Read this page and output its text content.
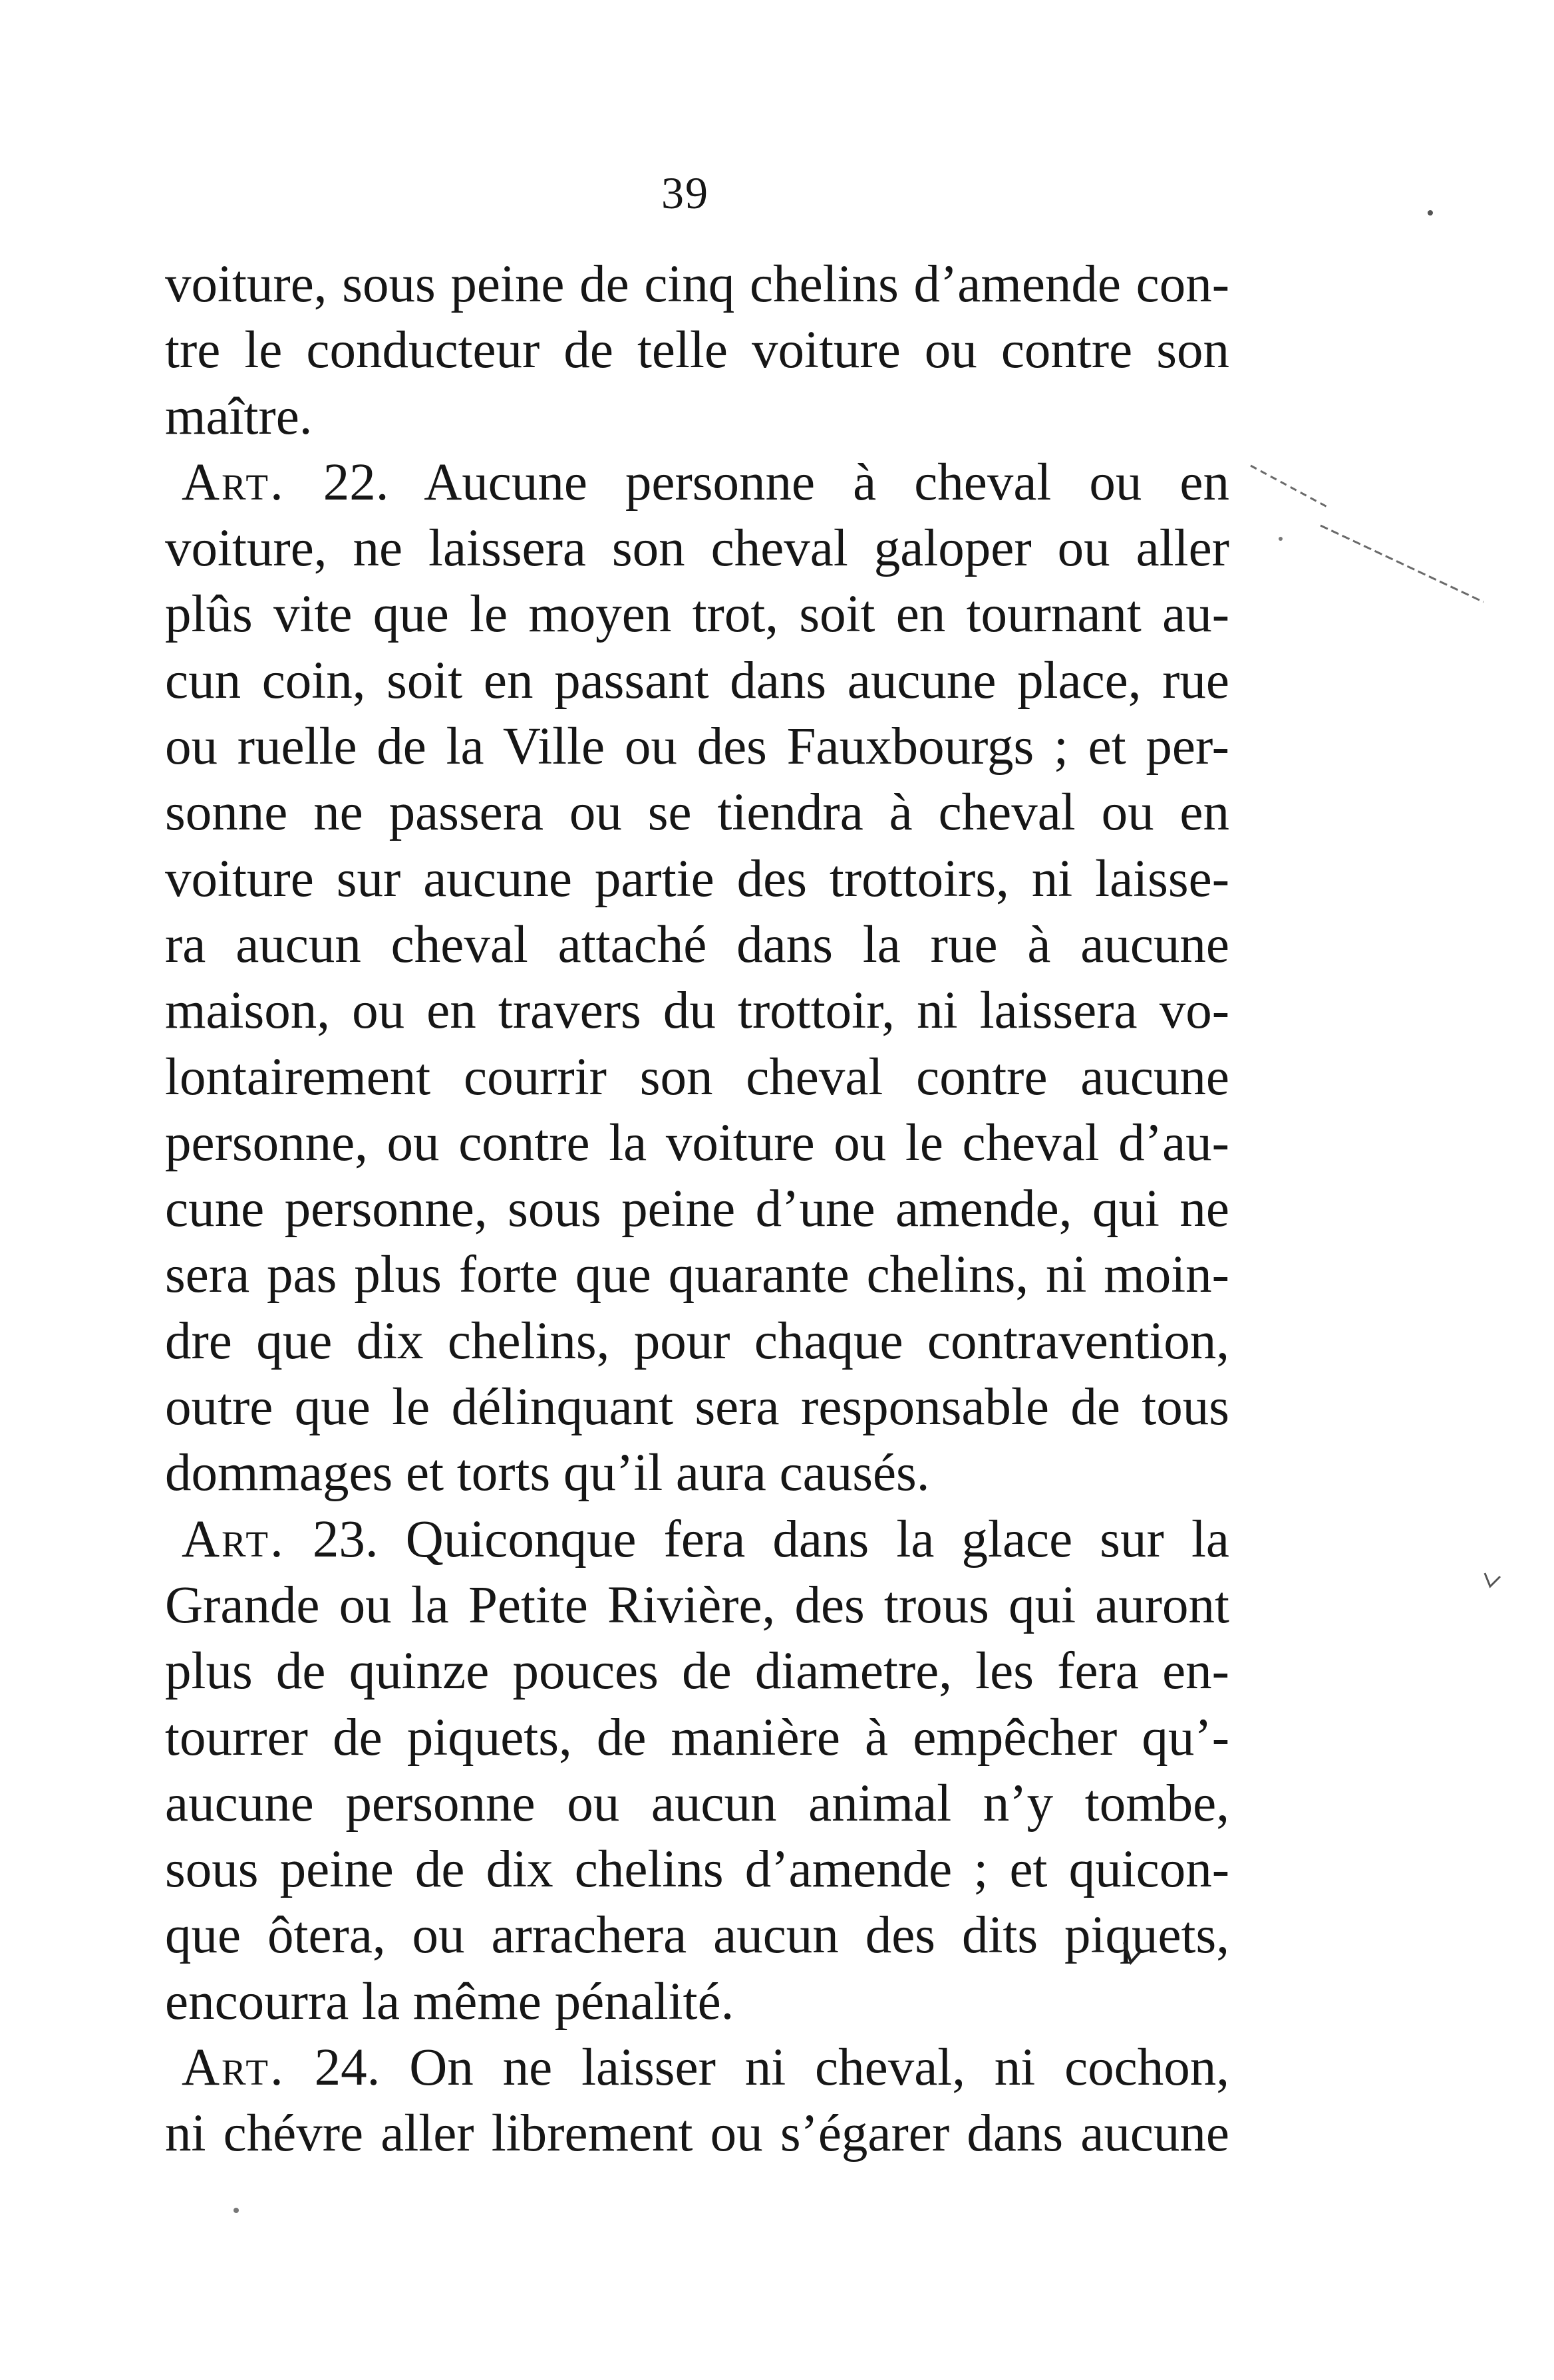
39
voiture, sous peine de cinq chelins d’amende con-
tre le conducteur de telle voiture ou contre son
maître.
Art. 22. Aucune personne à cheval ou en
voiture, ne laissera son cheval galoper ou aller
plûs vite que le moyen trot, soit en tournant au-
cun coin, soit en passant dans aucune place, rue
ou ruelle de la Ville ou des Fauxbourgs ; et per-
sonne ne passera ou se tiendra à cheval ou en
voiture sur aucune partie des trottoirs, ni laisse-
ra aucun cheval attaché dans la rue à aucune
maison, ou en travers du trottoir, ni laissera vo-
lontairement courrir son cheval contre aucune
personne, ou contre la voiture ou le cheval d’au-
cune personne, sous peine d’une amende, qui ne
sera pas plus forte que quarante chelins, ni moin-
dre que dix chelins, pour chaque contravention,
outre que le délinquant sera responsable de tous
dommages et torts qu’il aura causés.
Art. 23. Quiconque fera dans la glace sur la
Grande ou la Petite Rivière, des trous qui auront
plus de quinze pouces de diametre, les fera en-
tourrer de piquets, de manière à empêcher qu’-
aucune personne ou aucun animal n’y tombe,
sous peine de dix chelins d’amende ; et quicon-
que ôtera, ou arrachera aucun des dits piquets,
encourra la même pénalité.
Art. 24. On ne laisser ni cheval, ni cochon,
ni chévre aller librement ou s’égarer dans aucune
